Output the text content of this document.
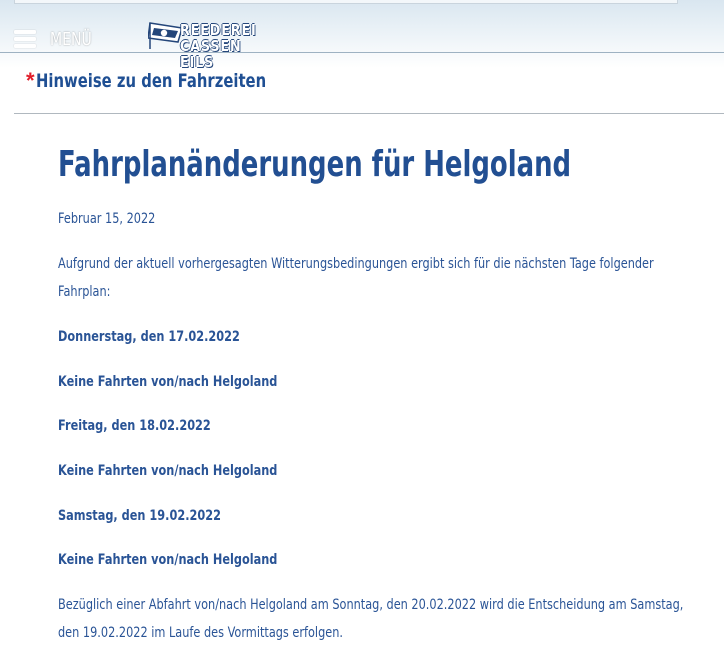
MENÜ	REEDEREI
CASSEN EILS
* Hinweise zu den Fahrzeiten
Fahrplanänderungen für Helgoland
Februar 15, 2022
Aufgrund der aktuell vorhergesagten Witterungsbedingungen ergibt sich für die nächsten Tage folgender
Fahrplan:
Donnerstag, den 17.02.2022
Keine Fahrten von/nach Helgoland
Freitag, den 18.02.2022
Keine Fahrten von/nach Helgoland
Samstag, den 19.02.2022
Keine Fahrten von/nach Helgoland
Bezüglich einer Abfahrt von/nach Helgoland am Sonntag, den 20.02.2022 wird die Entscheidung am Samstag,
den 19.02.2022 im Laufe des Vormittags erfolgen.
